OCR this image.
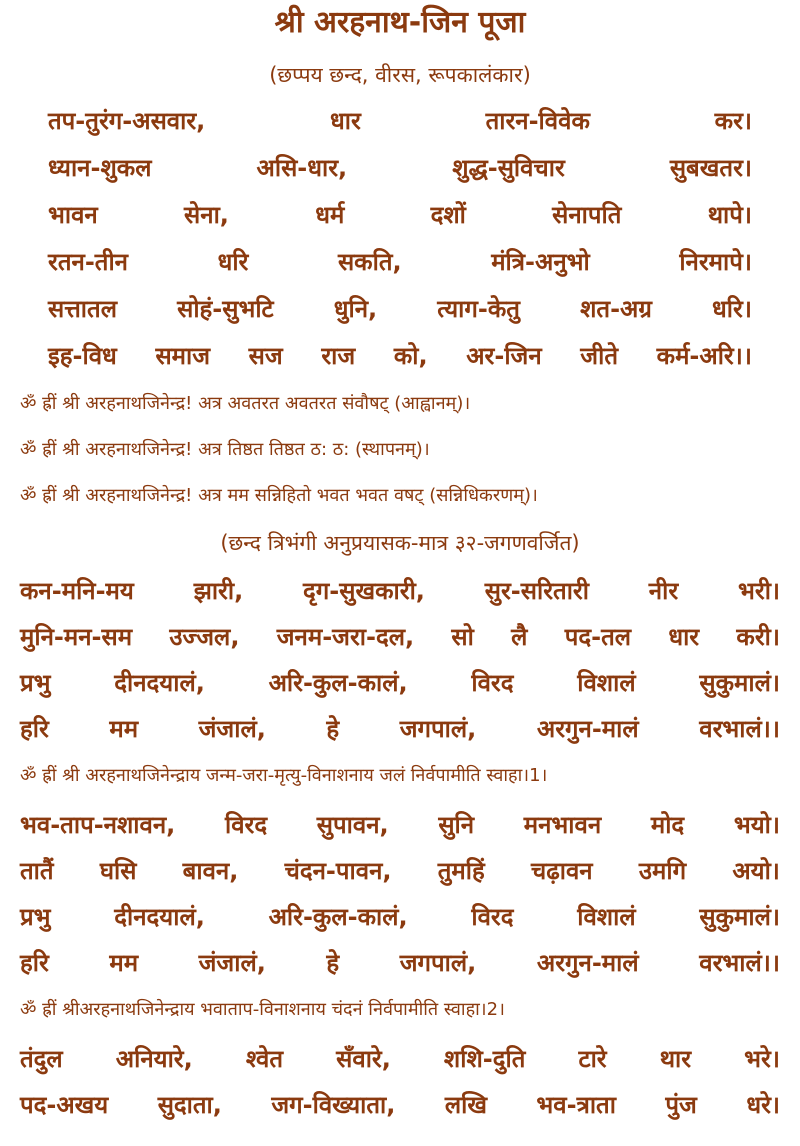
श्री अरहनाथ-जिन पूजा
(छप्पय छन्द, वीरस, रूपकालंकार)
तप-तुरंग-असवार,	धार	तारन-विवेक	कर।
ध्यान-शुकल	असि-धार,	शुद्ध-सुविचार	सुबखतर।
भावन	सेना,	धर्म	दशों	सेनापति	थापे।
रतन-तीन	धरि	सकति,	मंत्रि-अनुभो	निरमापे।
सत्तातल	सोहं-सुभटि	धुनि,	त्याग-केतु	शत-अग्र	धरि।
इह-विध समाज सज राज को, अर-जिन जीते कर्म-अरि।।
ॐ ह्रीं श्री अरहनाथजिनेन्द्र! अत्र अवतरत अवतरत संवौषट् (आह्वानम्)।
ॐ ह्रीं श्री अरहनाथजिनेन्द्र! अत्र तिष्ठत तिष्ठत ठ: ठ: (स्थापनम्)।
ॐ ह्रीं श्री अरहनाथजिनेन्द्र! अत्र मम सन्निहितो भवत भवत वषट् (सन्निधिकरणम्)।
(छन्द त्रिभंगी अनुप्रयासक-मात्र ३२-जगणवर्जित)
कन-मनि-मय झारी, दृग-सुखकारी, सुर-सरितारी नीर भरी।
मुनि-मन-सम उज्जल, जनम-जरा-दल, सो लै पद-तल धार करी।
प्रभु	दीनदयालं,	अरि-कुल-कालं,	विरद	विशालं	सुकुमालं।
हरि	मम	जंजालं,	हे	जगपालं,	अरगुन-मालं	वरभालं।।
ॐ ह्रीं श्री अरहनाथजिनेन्द्राय जन्म-जरा-मृत्यु-विनाशनाय जलं निर्वपामीति स्वाहा।1।
भव-ताप-नशावन, विरद सुपावन, सुनि मनभावन मोद भयो।
तातैं घसि बावन, चंदन-पावन, तुमहिं चढ़ावन उमगि अयो।
प्रभु	दीनदयालं,	अरि-कुल-कालं,	विरद	विशालं	सुकुमालं।
हरि	मम	जंजालं,	हे	जगपालं,	अरगुन-मालं	वरभालं।।
ॐ ह्रीं श्रीअरहनाथजिनेन्द्राय भवाताप-विनाशनाय चंदनं निर्वपामीति स्वाहा।2।
तंदुल अनियारे, श्वेत सँवारे, शशि-दुति टारे थार भरे।
पद-अखय सुदाता, जग-विख्याता, लखि भव-त्राता पुंज धरे।
